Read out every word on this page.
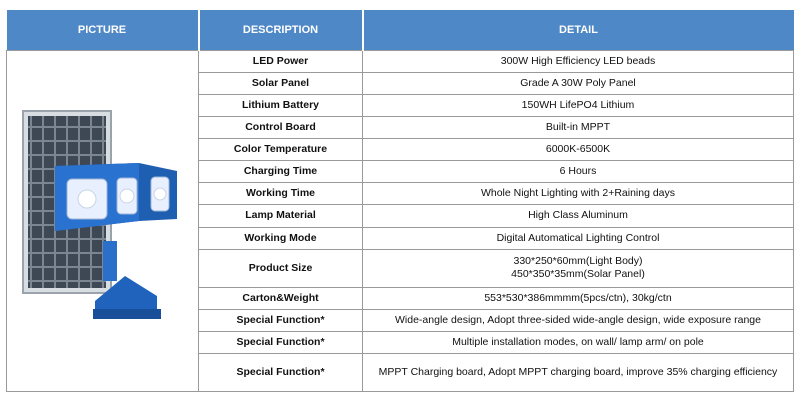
PICTURE	DESCRIPTION	DETAIL

	LED Power	300W High Efficiency LED beads
	Solar Panel	Grade A 30W Poly Panel
	Lithium Battery	150WH LifePO4 Lithium
	Control Board	Built-in MPPT
	Color Temperature	6000K-6500K
	Charging Time	6 Hours
	Working Time	Whole Night Lighting with 2+Raining days
	Lamp Material	High Class Aluminum
	Working Mode	Digital Automatical Lighting Control
	Product Size	330*250*60mm(Light Body)
450*350*35mm(Solar Panel)

	Carton&Weight	553*530*386mmmm(5pcs/ctn), 30kg/ctn
	Special Function*	Wide-angle design, Adopt three-sided wide-angle design, wide exposure range
	Special Function*	Multiple installation modes, on wall/ lamp arm/ on pole
	Special Function*	MPPT Charging board, Adopt MPPT charging board, improve 35% charging efficiency
